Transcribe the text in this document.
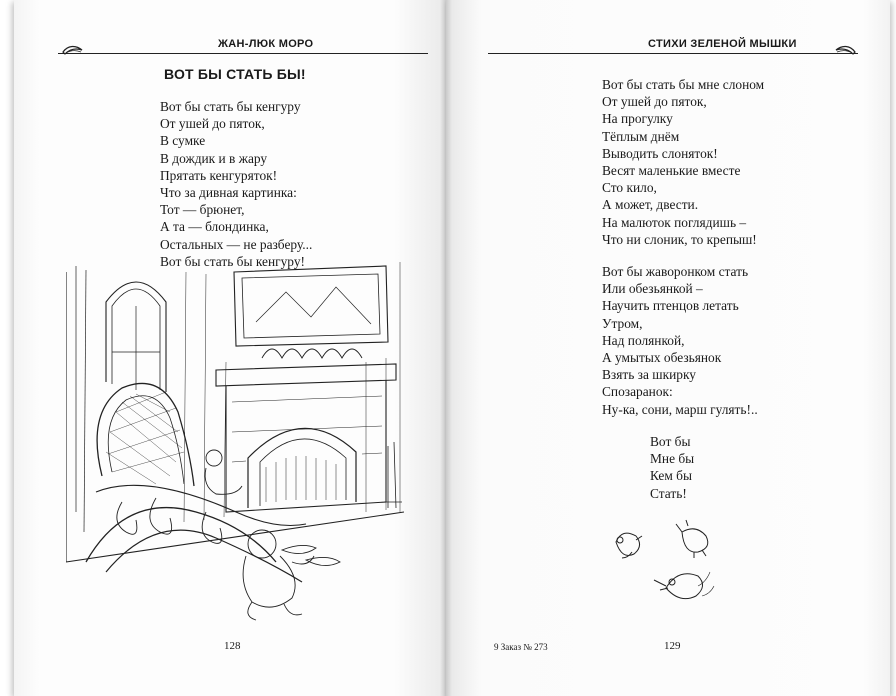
ЖАН-ЛЮК МОРО
ВОТ БЫ СТАТЬ БЫ!
Вот бы стать бы кенгуру
От ушей до пяток,
В сумке
В дождик и в жару
Прятать кенгуряток!
Что за дивная картинка:
Тот — брюнет,
А та — блондинка,
Остальных — не разберу...
Вот бы стать бы кенгуру!
128
СТИХИ ЗЕЛЕНОЙ МЫШКИ
Вот бы стать бы мне слоном
От ушей до пяток,
На прогулку
Тёплым днём
Выводить слоняток!
Весят маленькие вместе
Сто кило,
А может, двести.
На малюток поглядишь –
Что ни слоник, то крепыш!
Вот бы жаворонком стать
Или обезьянкой –
Научить птенцов летать
Утром,
Над полянкой,
А умытых обезьянок
Взять за шкирку
Спозаранок:
Ну-ка, сони, марш гулять!..
Вот бы
Мне бы
Кем бы
Стать!
9 Заказ № 273	129
